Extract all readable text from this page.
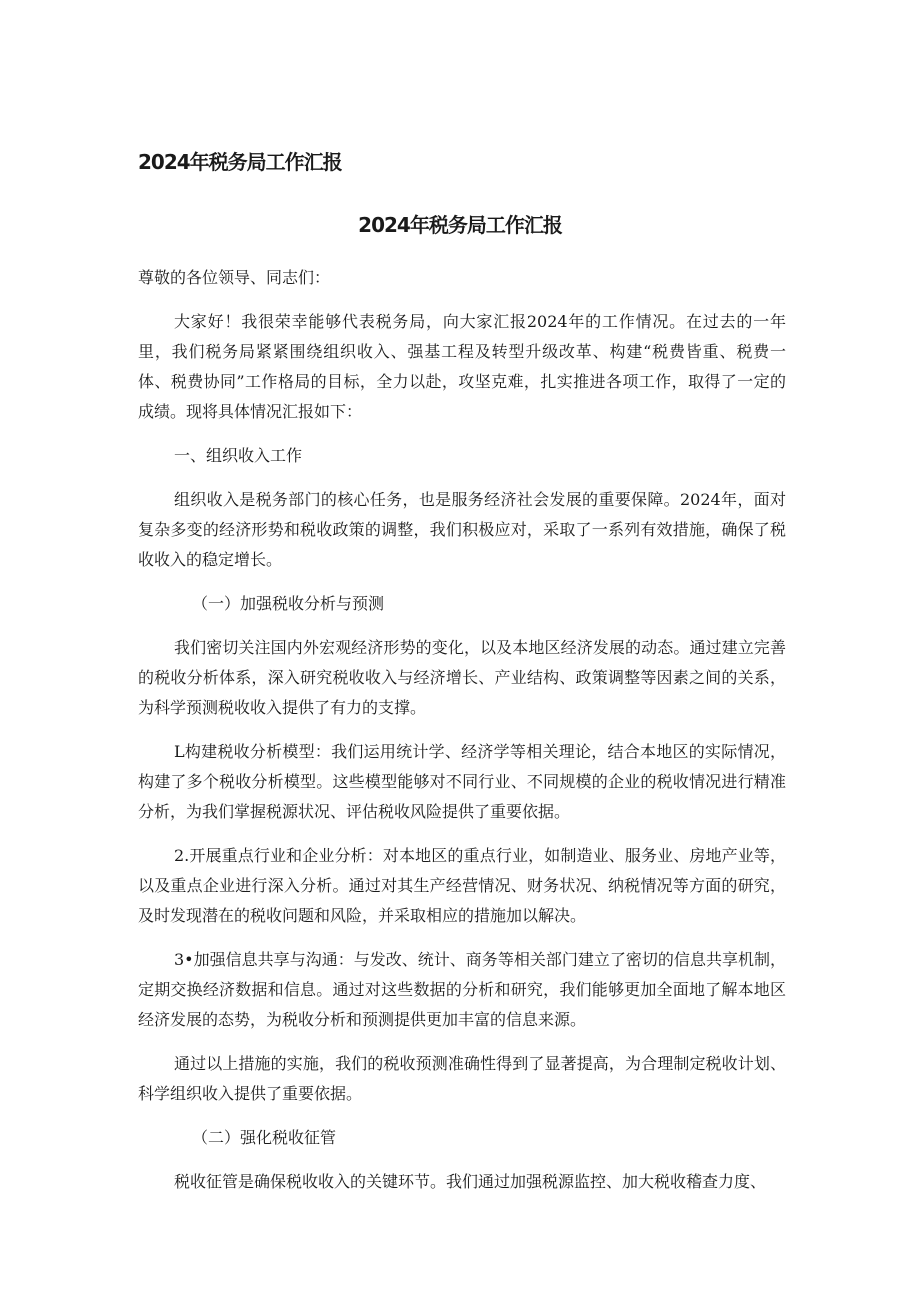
2024年税务局工作汇报
2024年税务局工作汇报

尊敬的各位领导、同志们：

大家好！我很荣幸能够代表税务局，向大家汇报2024年的工作情况。在过去的一年里，我们税务局紧紧围绕组织收入、强基工程及转型升级改革、构建“税费皆重、税费一体、税费协同”工作格局的目标，全力以赴，攻坚克难，扎实推进各项工作，取得了一定的成绩。现将具体情况汇报如下：

一、组织收入工作

组织收入是税务部门的核心任务，也是服务经济社会发展的重要保障。2024年，面对复杂多变的经济形势和税收政策的调整，我们积极应对，采取了一系列有效措施，确保了税收收入的稳定增长。

（一）加强税收分析与预测

我们密切关注国内外宏观经济形势的变化，以及本地区经济发展的动态。通过建立完善的税收分析体系，深入研究税收收入与经济增长、产业结构、政策调整等因素之间的关系，为科学预测税收收入提供了有力的支撑。

L构建税收分析模型：我们运用统计学、经济学等相关理论，结合本地区的实际情况，构建了多个税收分析模型。这些模型能够对不同行业、不同规模的企业的税收情况进行精准分析，为我们掌握税源状况、评估税收风险提供了重要依据。

2.开展重点行业和企业分析：对本地区的重点行业，如制造业、服务业、房地产业等，以及重点企业进行深入分析。通过对其生产经营情况、财务状况、纳税情况等方面的研究，及时发现潜在的税收问题和风险，并采取相应的措施加以解决。

3•加强信息共享与沟通：与发改、统计、商务等相关部门建立了密切的信息共享机制，定期交换经济数据和信息。通过对这些数据的分析和研究，我们能够更加全面地了解本地区经济发展的态势，为税收分析和预测提供更加丰富的信息来源。

通过以上措施的实施，我们的税收预测准确性得到了显著提高，为合理制定税收计划、科学组织收入提供了重要依据。

（二）强化税收征管

税收征管是确保税收收入的关键环节。我们通过加强税源监控、加大税收稽查力度、
